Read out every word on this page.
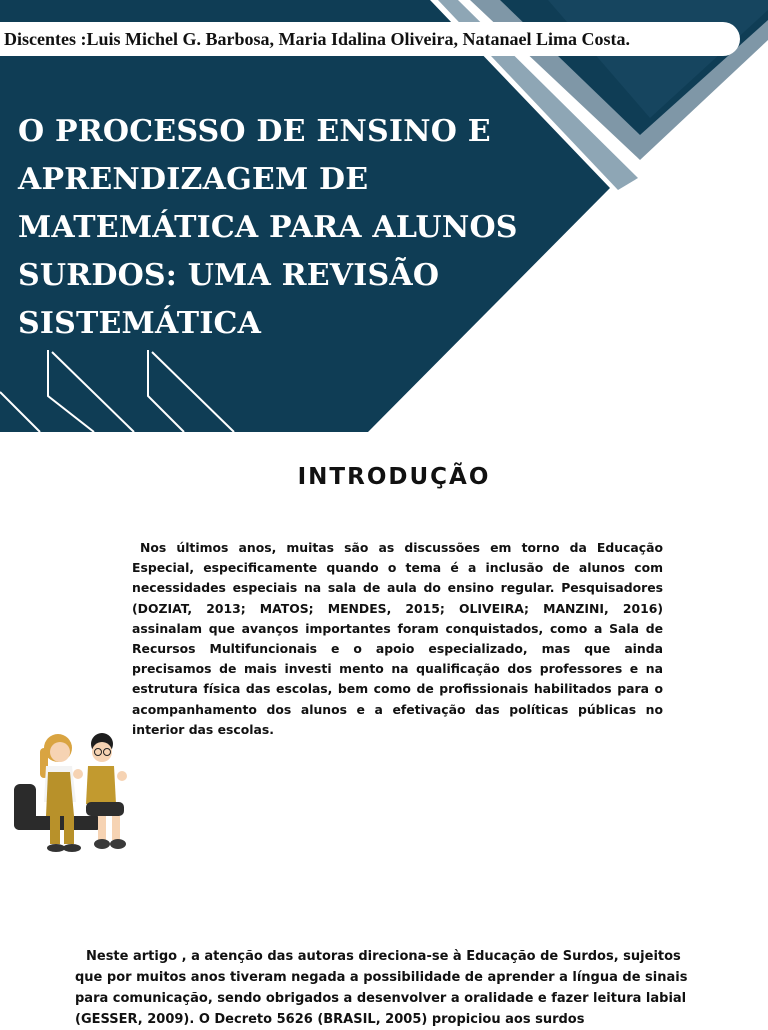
Discentes :Luis Michel G. Barbosa, Maria Idalina Oliveira, Natanael Lima Costa.
O PROCESSO DE ENSINO E APRENDIZAGEM DE MATEMÁTICA PARA ALUNOS SURDOS: UMA REVISÃO SISTEMÁTICA
INTRODUÇÃO
Nos últimos anos, muitas são as discussões em torno da Educação Especial, especificamente quando o tema é a inclusão de alunos com necessidades especiais na sala de aula do ensino regular. Pesquisadores (DOZIAT, 2013; MATOS; MENDES, 2015; OLIVEIRA; MANZINI, 2016) assinalam que avanços importantes foram conquistados, como a Sala de Recursos Multifuncionais e o apoio especializado, mas que ainda precisamos de mais investi mento na qualificação dos professores e na estrutura física das escolas, bem como de profissionais habilitados para o acompanhamento dos alunos e a efetivação das políticas públicas no interior das escolas.
Neste artigo , a atenção das autoras direciona-se à Educação de Surdos, sujeitos que por muitos anos tiveram negada a possibilidade de aprender a língua de sinais para comunicação, sendo obrigados a desenvolver a oralidade e fazer leitura labial (GESSER, 2009). O Decreto 5626 (BRASIL, 2005) propiciou aos surdos
